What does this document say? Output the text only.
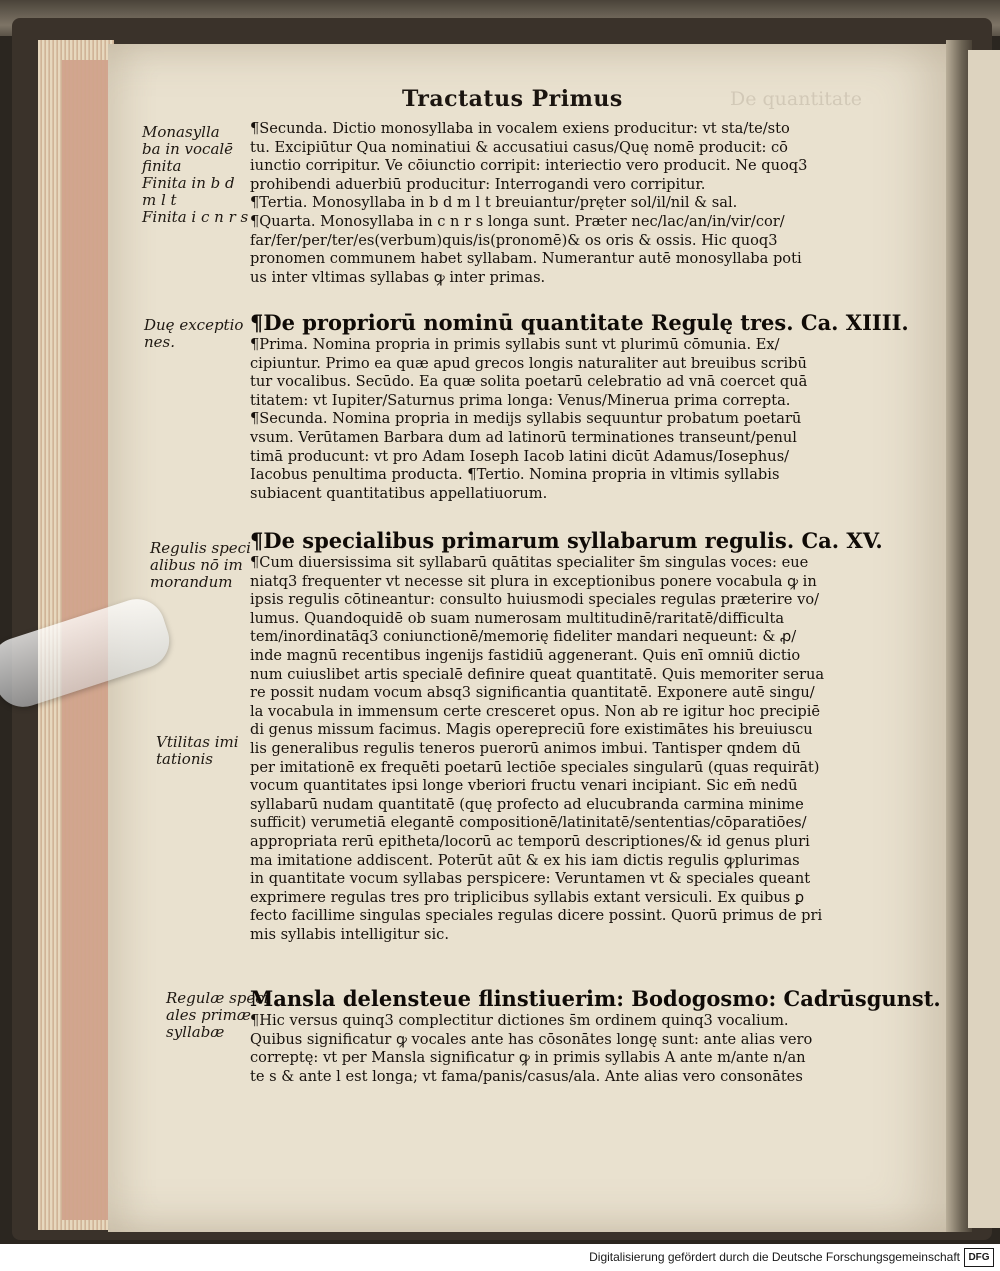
Tractatus Primus	De quantitate
Monasylla
ba in vocalē
finita
Finita in b d
m l t
Finita i c n r s
Duę exceptio
nes.
Regulis speci
alibus nō im
morandum
Vtilitas imi
tationis
Regulæ speci
ales primæ
syllabæ
¶Secunda. Dictio monosyllaba in vocalem exiens producitur: vt sta/te/sto
tu. Excipiūtur Qua nominatiui & accusatiui casus/Quę nomē producit: cō
iunctio corripitur. Ve cōiunctio corripit: interiectio vero producit. Ne quoq3
prohibendi aduerbiū producitur: Interrogandi vero corripitur.
¶Tertia. Monosyllaba in b d m l t breuiantur/pręter sol/il/nil & sal.
¶Quarta. Monosyllaba in c n r s longa sunt. Præter nec/lac/an/in/vir/cor/
far/fer/per/ter/es(verbum)quis/is(pronomē)& os oris & ossis. Hic quoq3
pronomen communem habet syllabam. Numerantur autē monosyllaba poti
us inter vltimas syllabas ꝙ inter primas.
¶De propriorū nominū quantitate Regulę tres. Ca. XIIII.
¶Prima. Nomina propria in primis syllabis sunt vt plurimū cōmunia. Ex/
cipiuntur. Primo ea quæ apud grecos longis naturaliter aut breuibus scribū
tur vocalibus. Secūdo. Ea quæ solita poetarū celebratio ad vnā coercet quā
titatem: vt Iupiter/Saturnus prima longa: Venus/Minerua prima correpta.
¶Secunda. Nomina propria in medijs syllabis sequuntur probatum poetarū
vsum. Verūtamen Barbara dum ad latinorū terminationes transeunt/penul
timā producunt: vt pro Adam Ioseph Iacob latini dicūt Adamus/Iosephus/
Iacobus penultima producta. ¶Tertio. Nomina propria in vltimis syllabis
subiacent quantitatibus appellatiuorum.
¶De specialibus primarum syllabarum regulis. Ca. XV.
¶Cum diuersissima sit syllabarū quātitas specialiter s̄m singulas voces: eue
niatq3 frequenter vt necesse sit plura in exceptionibus ponere vocabula ꝙ in
ipsis regulis cōtineantur: consulto huiusmodi speciales regulas præterire vo/
lumus. Quandoquidē ob suam numerosam multitudinē/raritatē/difficulta
tem/inordinatāq3 coniunctionē/memorię fideliter mandari nequeunt: & ꝓ/
inde magnū recentibus ingenijs fastidiū aggenerant. Quis enī omniū dictio
num cuiuslibet artis specialē definire queat quantitatē. Quis memoriter serua
re possit nudam vocum absq3 significantia quantitatē. Exponere autē singu/
la vocabula in immensum certe cresceret opus. Non ab re igitur hoc precipiē
di genus missum facimus. Magis operepreciū fore existimātes his breuiuscu
lis generalibus regulis teneros puerorū animos imbui. Tantisper qndem dū
per imitationē ex frequēti poetarū lectiōe speciales singularū (quas requirāt)
vocum quantitates ipsi longe vberiori fructu venari incipiant. Sic em̄ nedū
syllabarū nudam quantitatē (quę profecto ad elucubranda carmina minime
sufficit) verumetiā elegantē compositionē/latinitatē/sententias/cōparatiōes/
appropriata rerū epitheta/locorū ac temporū descriptiones/& id genus pluri
ma imitatione addiscent. Poterūt aūt & ex his iam dictis regulis ꝙplurimas
in quantitate vocum syllabas perspicere: Veruntamen vt & speciales queant
exprimere regulas tres pro triplicibus syllabis extant versiculi. Ex quibus ꝑ
fecto facillime singulas speciales regulas dicere possint. Quorū primus de pri
mis syllabis intelligitur sic.
Mansla delensteue flinstiuerim: Bodogosmo: Cadrūsgunst.
¶Hic versus quinq3 complectitur dictiones s̄m ordinem quinq3 vocalium.
Quibus significatur ꝙ vocales ante has cōsonātes longę sunt: ante alias vero
correptę: vt per Mansla significatur ꝙ in primis syllabis A ante m/ante n/an
te s & ante l est longa; vt fama/panis/casus/ala. Ante alias vero consonātes
Digitalisierung gefördert durch die Deutsche Forschungsgemeinschaft DFG
